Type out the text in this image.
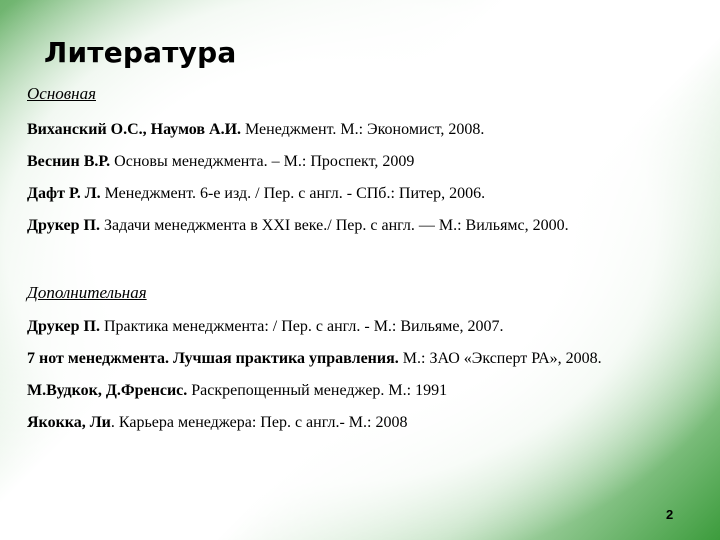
Литература
Основная
Виханский О.С., Наумов А.И. Менеджмент. М.: Экономист, 2008.
Веснин В.Р. Основы менеджмента. – М.: Проспект, 2009
Дафт Р. Л. Менеджмент. 6-е изд. / Пер. с англ. - СПб.: Питер, 2006.
Друкер П. Задачи менеджмента в XXI веке./ Пер. с англ. — М.: Вильямс, 2000.
Дополнительная
Друкер П. Практика менеджмента: / Пер. с англ. - М.: Вильяме, 2007.
7 нот менеджмента. Лучшая практика управления. М.: ЗАО «Эксперт РА», 2008.
М.Вудкок, Д.Френсис. Раскрепощенный менеджер. М.: 1991
Якокка, Ли. Карьера менеджера: Пер. с англ.- М.: 2008
2
